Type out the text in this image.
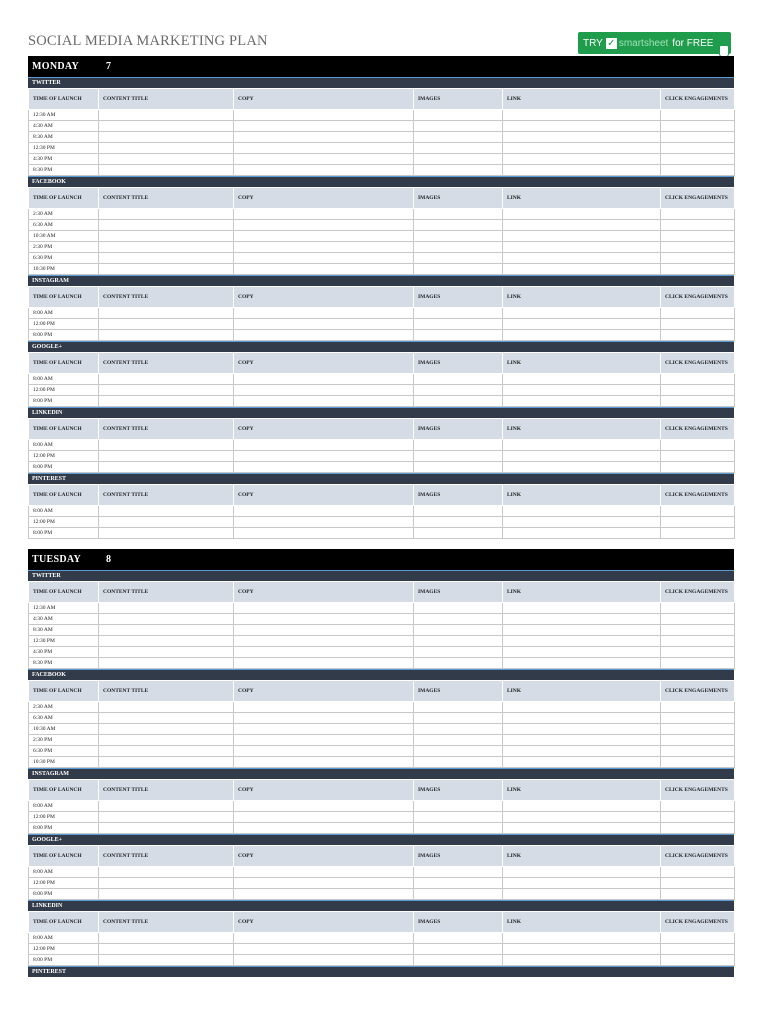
SOCIAL MEDIA MARKETING PLAN	TRY ✓ smartsheet for FREE
MONDAY	7
TWITTER
TIME OF LAUNCH	CONTENT TITLE	COPY	IMAGES	LINK	CLICK ENGAGEMENTS
12:30 AM					
4:30 AM					
8:30 AM					
12:30 PM					
4:30 PM					
8:30 PM					
FACEBOOK
TIME OF LAUNCH	CONTENT TITLE	COPY	IMAGES	LINK	CLICK ENGAGEMENTS
2:30 AM					
6:30 AM					
10:30 AM					
2:30 PM					
6:30 PM					
10:30 PM					
INSTAGRAM
TIME OF LAUNCH	CONTENT TITLE	COPY	IMAGES	LINK	CLICK ENGAGEMENTS
8:00 AM					
12:00 PM					
8:00 PM					
GOOGLE+
TIME OF LAUNCH	CONTENT TITLE	COPY	IMAGES	LINK	CLICK ENGAGEMENTS
8:00 AM					
12:00 PM					
8:00 PM					
LINKEDIN
TIME OF LAUNCH	CONTENT TITLE	COPY	IMAGES	LINK	CLICK ENGAGEMENTS
8:00 AM					
12:00 PM					
8:00 PM					
PINTEREST
TIME OF LAUNCH	CONTENT TITLE	COPY	IMAGES	LINK	CLICK ENGAGEMENTS
8:00 AM					
12:00 PM					
8:00 PM					
TUESDAY	8
TWITTER
TIME OF LAUNCH	CONTENT TITLE	COPY	IMAGES	LINK	CLICK ENGAGEMENTS
12:30 AM					
4:30 AM					
8:30 AM					
12:30 PM					
4:30 PM					
8:30 PM					
FACEBOOK
TIME OF LAUNCH	CONTENT TITLE	COPY	IMAGES	LINK	CLICK ENGAGEMENTS
2:30 AM					
6:30 AM					
10:30 AM					
2:30 PM					
6:30 PM					
10:30 PM					
INSTAGRAM
TIME OF LAUNCH	CONTENT TITLE	COPY	IMAGES	LINK	CLICK ENGAGEMENTS
8:00 AM					
12:00 PM					
8:00 PM					
GOOGLE+
TIME OF LAUNCH	CONTENT TITLE	COPY	IMAGES	LINK	CLICK ENGAGEMENTS
8:00 AM					
12:00 PM					
8:00 PM					
LINKEDIN
TIME OF LAUNCH	CONTENT TITLE	COPY	IMAGES	LINK	CLICK ENGAGEMENTS
8:00 AM					
12:00 PM					
8:00 PM					
PINTEREST
